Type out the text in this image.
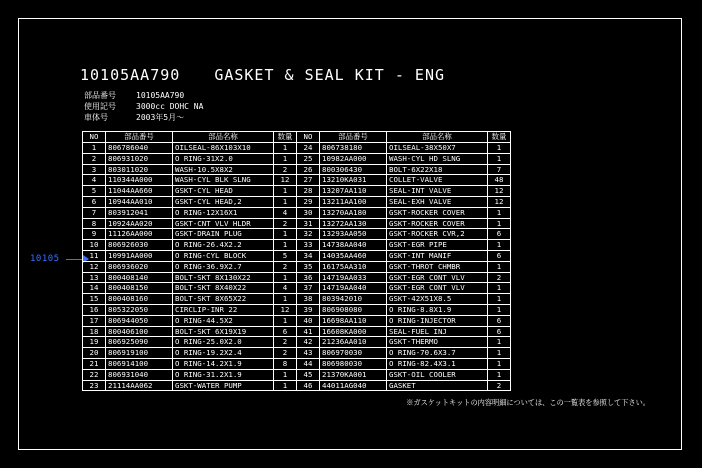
10105
10105AA790 GASKET & SEAL KIT - ENG
部品番号	10105AA790
使用記号	3000cc DOHC NA
車体号	2003年5月～
NO	部品番号	部品名称	数量	NO	部品番号	部品名称	数量
1	806786040	OILSEAL-86X103X10	1	24	806738180	OILSEAL-38X50X7	1
2	806931020	O RING-31X2.0	1	25	10982AA000	WASH-CYL HD SLNG	1
3	803011020	WASH-10.5X8X2	2	26	800306430	BOLT-6X22X18	7
4	110344A000	WASH-CYL BLK SLNG	12	27	13210KA031	COLLET-VALVE	48
5	11044AA660	GSKT-CYL HEAD	1	28	13207AA110	SEAL-INT VALVE	12
6	10944AA010	GSKT-CYL HEAD,2	1	29	13211AA100	SEAL-EXH VALVE	12
7	803912041	O RING-12X16X1	4	30	13270AA180	GSKT-ROCKER COVER	1
8	10924AA020	GSKT-CNT VLV HLDR	2	31	13272AA130	GSKT-ROCKER COVER	1
9	11126AA000	GSKT-DRAIN PLUG	1	32	13293AA050	GSKT-ROCKER CVR,2	6
10	806926030	O RING-26.4X2.2	1	33	14738AA040	GSKT-EGR PIPE	1
11	10991AA000	O RING-CYL BLOCK	5	34	14035AA460	GSKT-INT MANIF	6
12	806936020	O RING-36.9X2.7	2	35	16175AA310	GSKT-THROT CHMBR	1
13	800408140	BOLT-SKT 8X130X22	1	36	14719AA033	GSKT-EGR CONT VLV	2
14	800408150	BOLT-SKT 8X40X22	4	37	14719AA040	GSKT-EGR CONT VLV	1
15	800408160	BOLT-SKT 8X65X22	1	38	803942010	GSKT-42X51X8.5	1
16	805322050	CIRCLIP-INR 22	12	39	806908080	O RING-8.8X1.9	1
17	806944050	O RING-44.5X2	1	40	16698AA110	O RING-INJECTOR	6
18	800406100	BOLT-SKT 6X19X19	6	41	16608KA000	SEAL-FUEL INJ	6
19	806925090	O RING-25.0X2.0	2	42	21236AA010	GSKT-THERMO	1
20	806919100	O RING-19.2X2.4	2	43	806970030	O RING-70.6X3.7	1
21	806914100	O RING-14.2X1.9	8	44	806980030	O RING-82.4X3.1	1
22	806931040	O RING-31.2X1.9	1	45	21370KA001	GSKT-OIL COOLER	1
23	21114AA062	GSKT-WATER PUMP	1	46	44011AG040	GASKET	2
※ガスケットキットの内容明細については、この一覧表を参照して下さい。
